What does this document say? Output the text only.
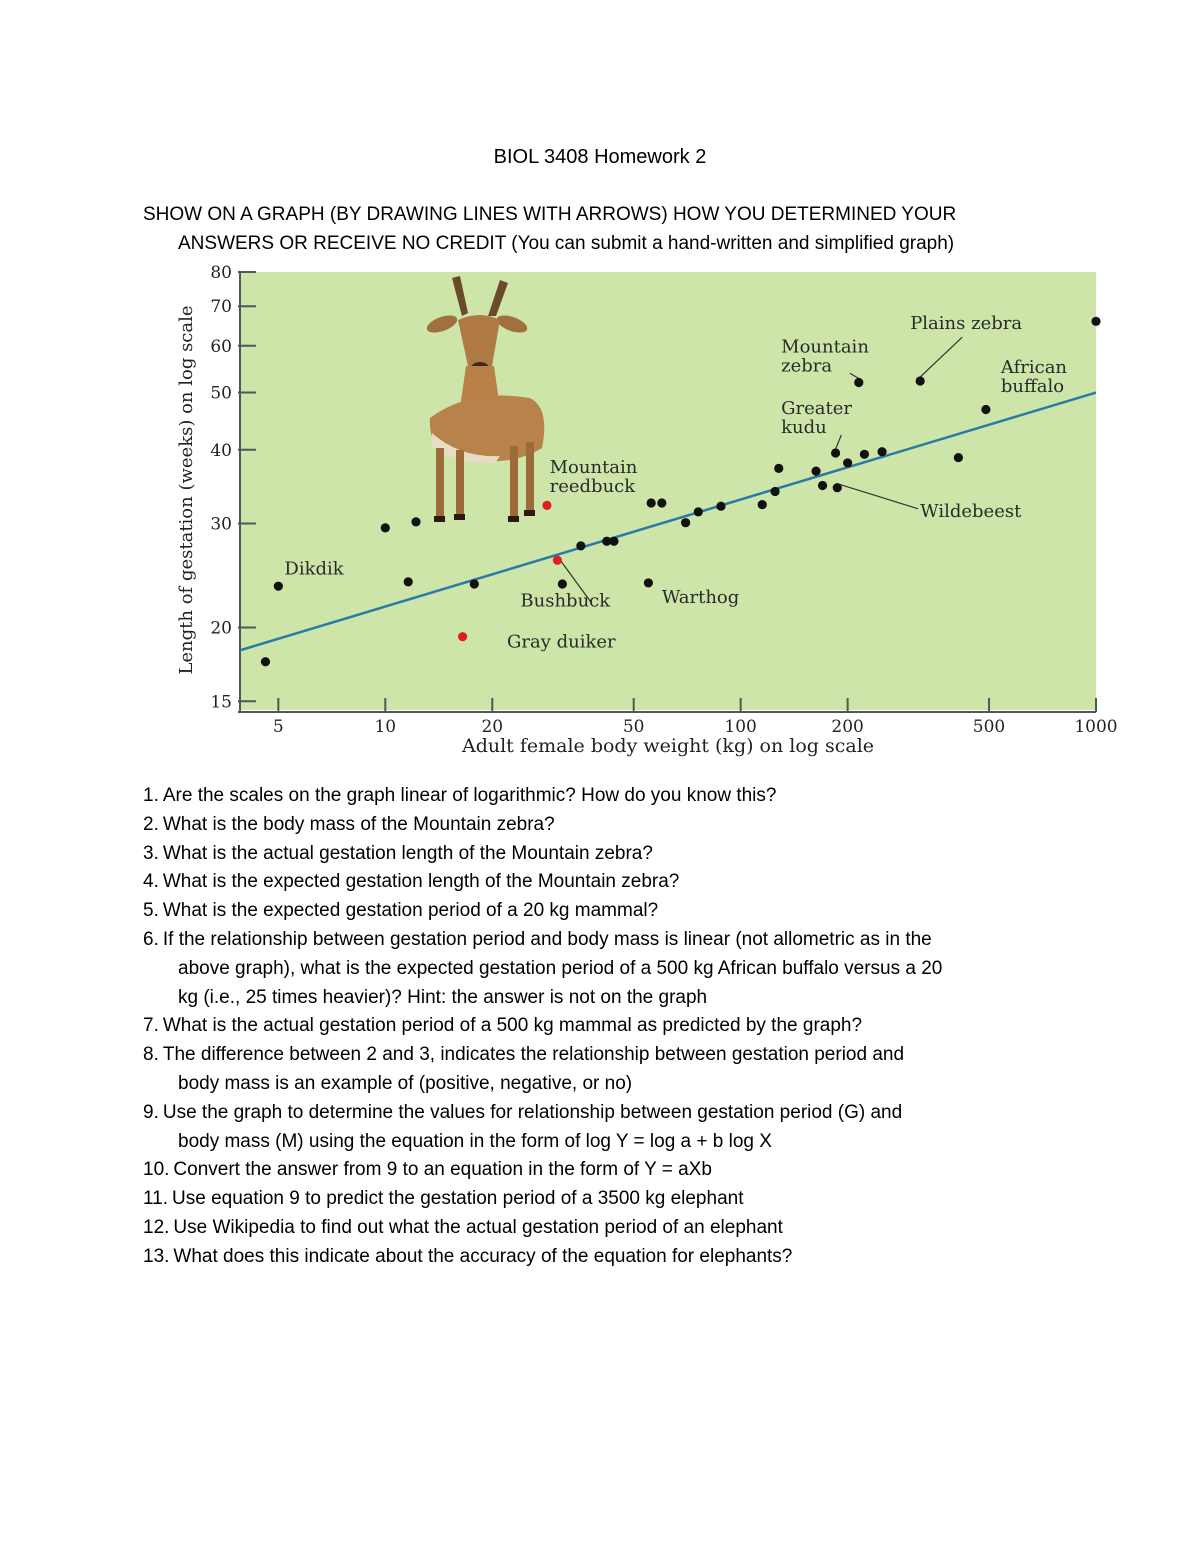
BIOL 3408 Homework 2
SHOW ON A GRAPH (BY DRAWING LINES WITH ARROWS) HOW YOU DETERMINED YOUR
ANSWERS OR RECEIVE NO CREDIT (You can submit a hand-written and simplified graph)
15
20
30
40
50
60
70
80
5	10	20	50	100	200	500	1000
Dikdik
Bushbuck
Gray duiker
Mountain reedbuck
Warthog
Mountain zebra
Plains zebra
African buffalo
Greater kudu
Wildebeest
Adult female body weight (kg) on log scale
Length of gestation (weeks) on log scale
1. Are the scales on the graph linear of logarithmic? How do you know this?
2. What is the body mass of the Mountain zebra?
3. What is the actual gestation length of the Mountain zebra?
4. What is the expected gestation length of the Mountain zebra?
5. What is the expected gestation period of a 20 kg mammal?
6. If the relationship between gestation period and body mass is linear (not allometric as in the
above graph), what is the expected gestation period of a 500 kg African buffalo versus a 20
kg (i.e., 25 times heavier)? Hint: the answer is not on the graph
7. What is the actual gestation period of a 500 kg mammal as predicted by the graph?
8. The difference between 2 and 3, indicates the relationship between gestation period and
body mass is an example of (positive, negative, or no)
9. Use the graph to determine the values for relationship between gestation period (G) and
body mass (M) using the equation in the form of log Y = log a + b log X
10. Convert the answer from 9 to an equation in the form of Y = aXb
11. Use equation 9 to predict the gestation period of a 3500 kg elephant
12. Use Wikipedia to find out what the actual gestation period of an elephant
13. What does this indicate about the accuracy of the equation for elephants?
